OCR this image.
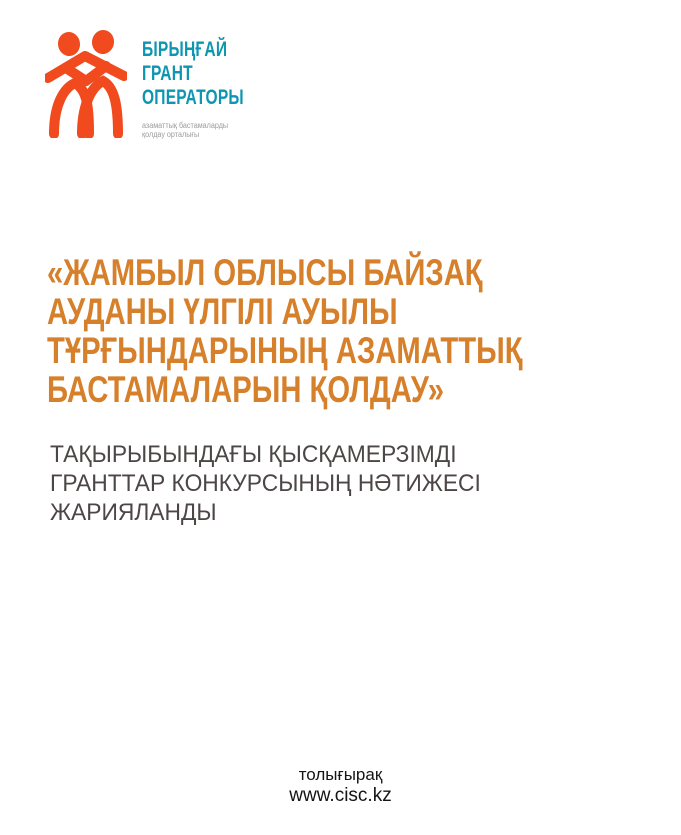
БІРЫҢҒАЙ
ГРАНТ
ОПЕРАТОРЫ
азаматтық бастамаларды
қолдау орталығы
«ЖАМБЫЛ ОБЛЫСЫ БАЙЗАҚ
АУДАНЫ ҮЛГІЛІ АУЫЛЫ
ТҰРҒЫНДАРЫНЫҢ АЗАМАТТЫҚ
БАСТАМАЛАРЫН ҚОЛДАУ»
ТАҚЫРЫБЫНДАҒЫ ҚЫСҚАМЕРЗІМДІ
ГРАНТТАР КОНКУРСЫНЫҢ НӘТИЖЕСІ
ЖАРИЯЛАНДЫ
толығырақ
www.cisc.kz
